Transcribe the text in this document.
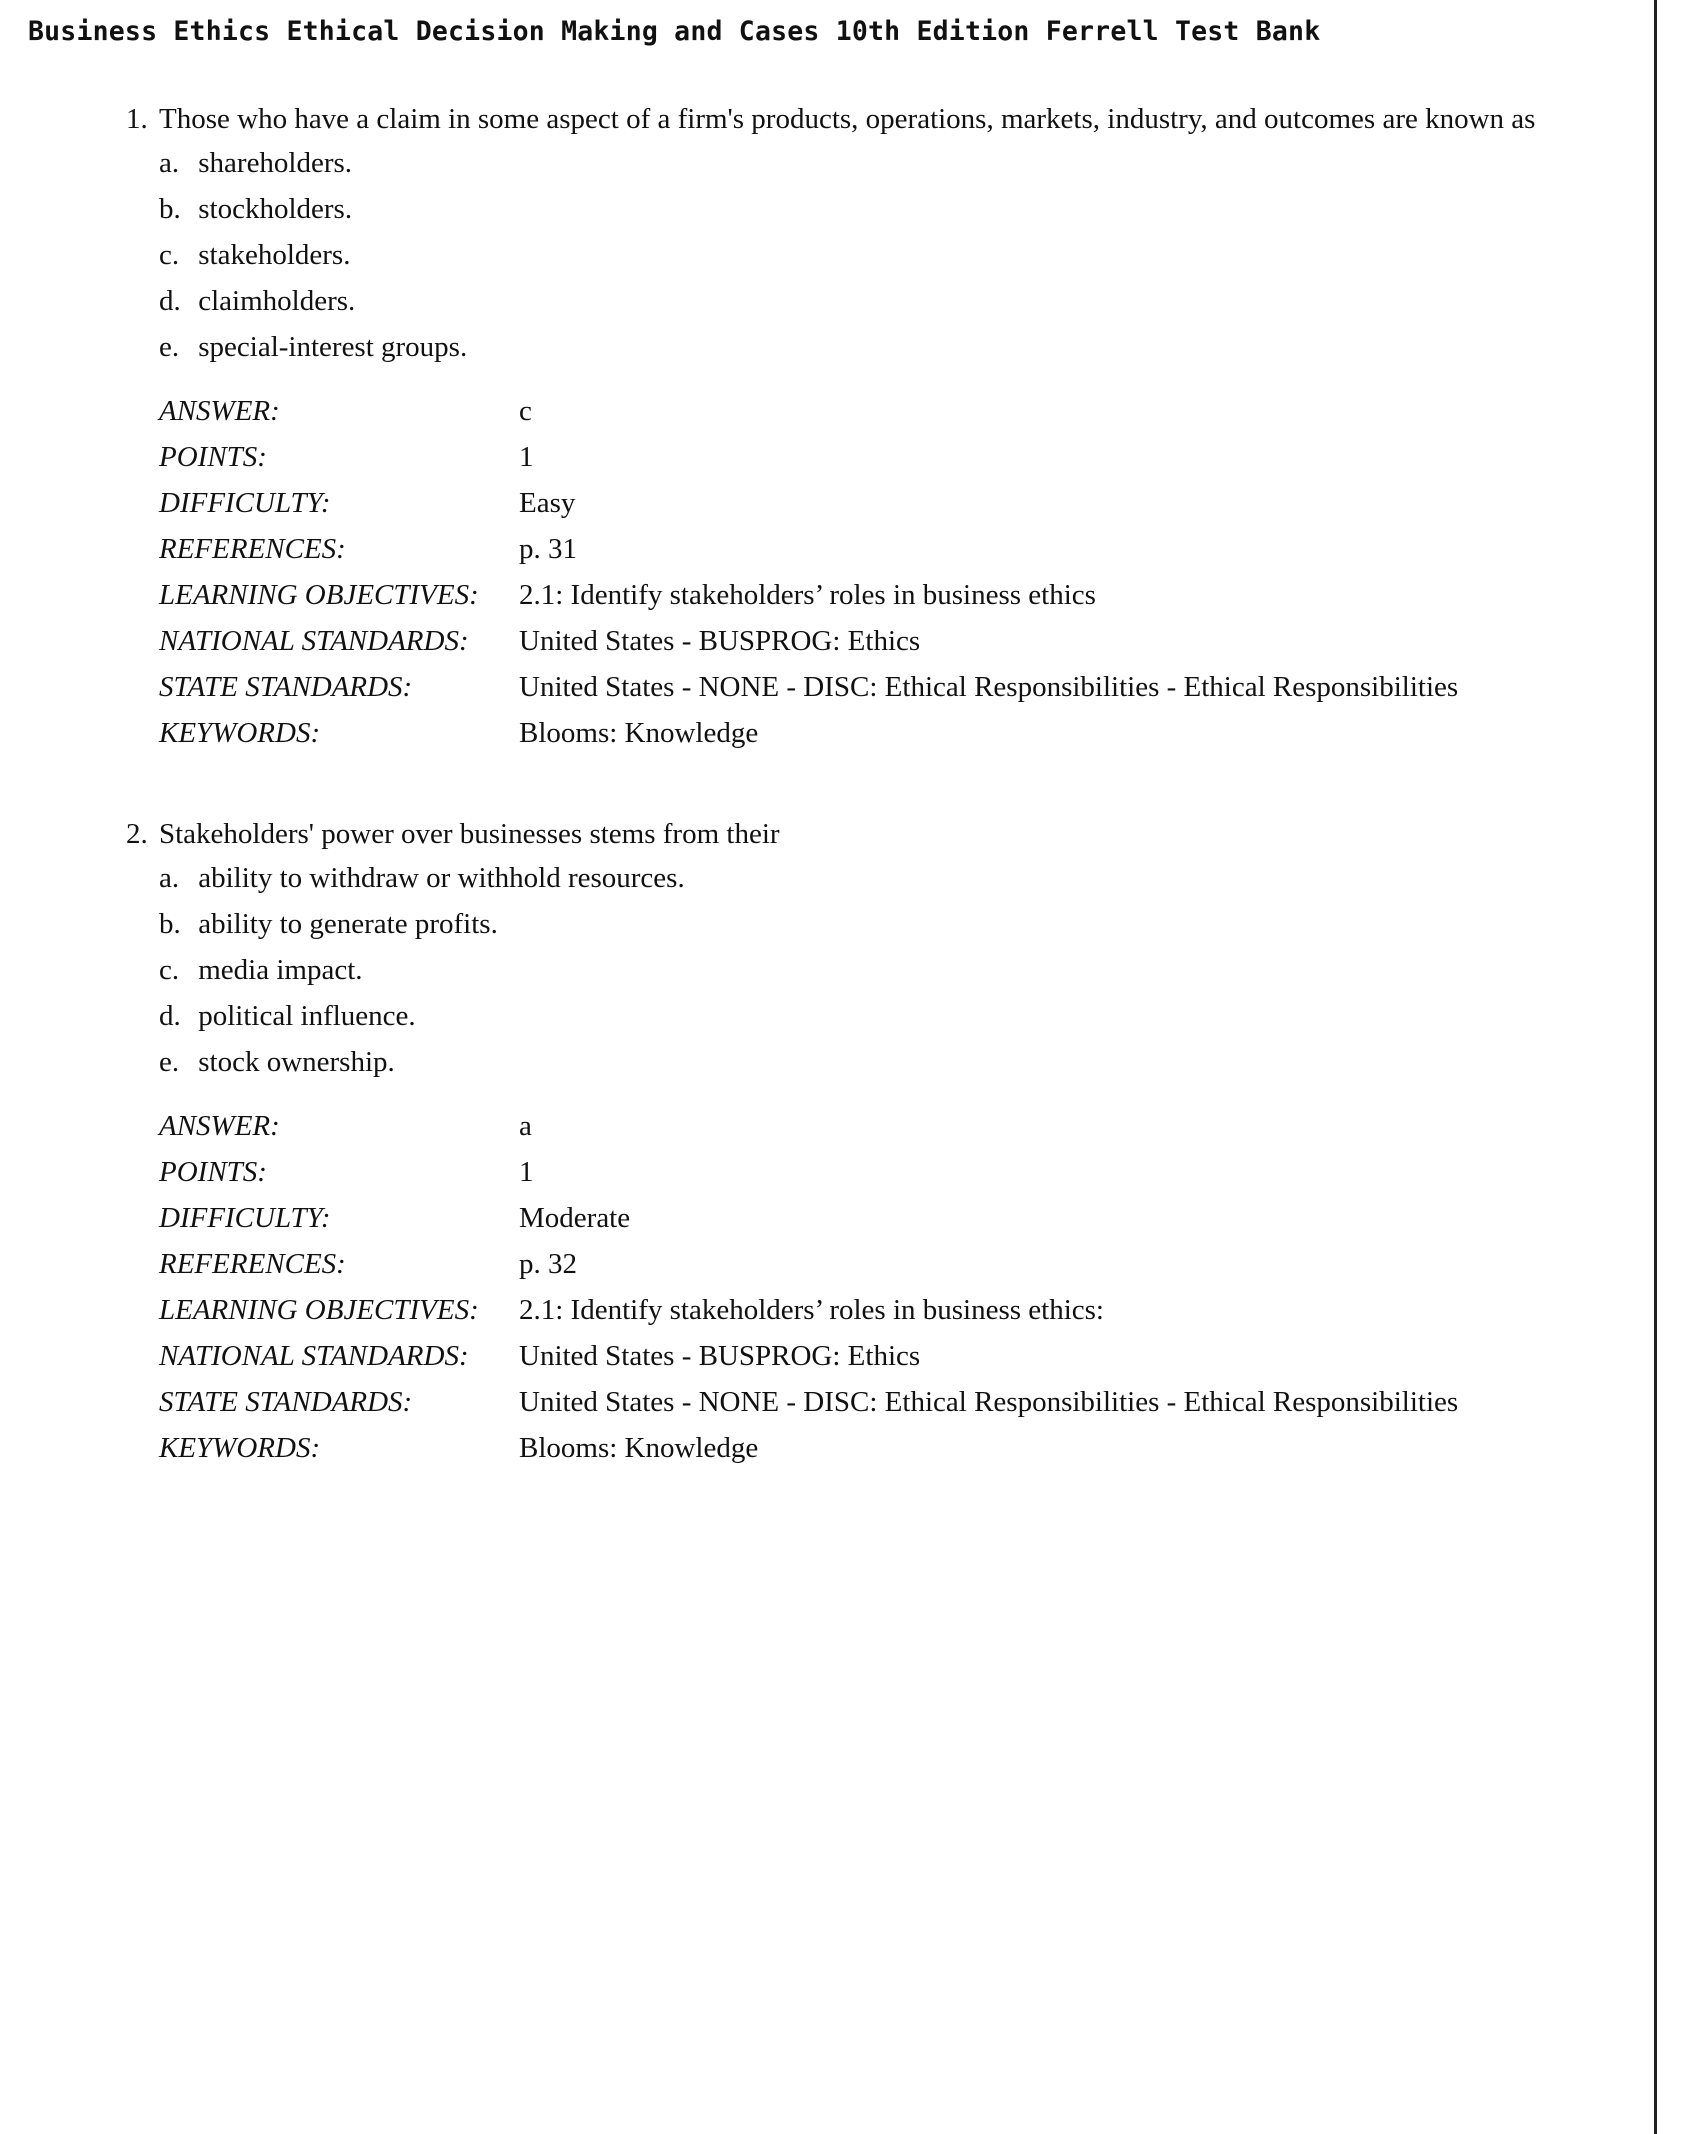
Business Ethics Ethical Decision Making and Cases 10th Edition Ferrell Test Bank
1. Those who have a claim in some aspect of a firm's products, operations, markets, industry, and outcomes are known as
a. shareholders.
b. stockholders.
c. stakeholders.
d. claimholders.
e. special-interest groups.
ANSWER:	c
POINTS:	1
DIFFICULTY:	Easy
REFERENCES:	p. 31
LEARNING OBJECTIVES:	2.1: Identify stakeholders’ roles in business ethics
NATIONAL STANDARDS:	United States - BUSPROG: Ethics
STATE STANDARDS:	United States - NONE - DISC: Ethical Responsibilities - Ethical Responsibilities
KEYWORDS:	Blooms: Knowledge
2. Stakeholders' power over businesses stems from their
a. ability to withdraw or withhold resources.
b. ability to generate profits.
c. media impact.
d. political influence.
e. stock ownership.
ANSWER:	a
POINTS:	1
DIFFICULTY:	Moderate
REFERENCES:	p. 32
LEARNING OBJECTIVES:	2.1: Identify stakeholders’ roles in business ethics:
NATIONAL STANDARDS:	United States - BUSPROG: Ethics
STATE STANDARDS:	United States - NONE - DISC: Ethical Responsibilities - Ethical Responsibilities
KEYWORDS:	Blooms: Knowledge
